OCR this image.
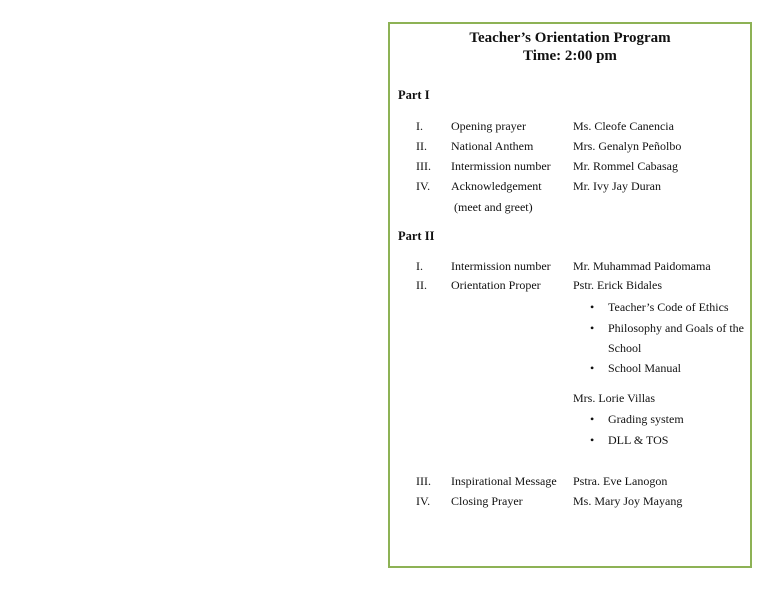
Teacher’s Orientation Program
Time: 2:00 pm
Part I
I. Opening prayer	Ms. Cleofe Canencia
II. National Anthem	Mrs. Genalyn Peñolbo
III. Intermission number Mr. Rommel Cabasag
IV. Acknowledgement	Mr. Ivy Jay Duran
(meet and greet)
Part II
I. Intermission number Mr. Muhammad Paidomama
II. Orientation Proper	Pstr. Erick Bidales
• Teacher’s Code of Ethics
• Philosophy and Goals of the
School
• School Manual
Mrs. Lorie Villas
• Grading system
• DLL & TOS
III. Inspirational Message Pstra. Eve Lanogon
IV. Closing Prayer	Ms. Mary Joy Mayang
